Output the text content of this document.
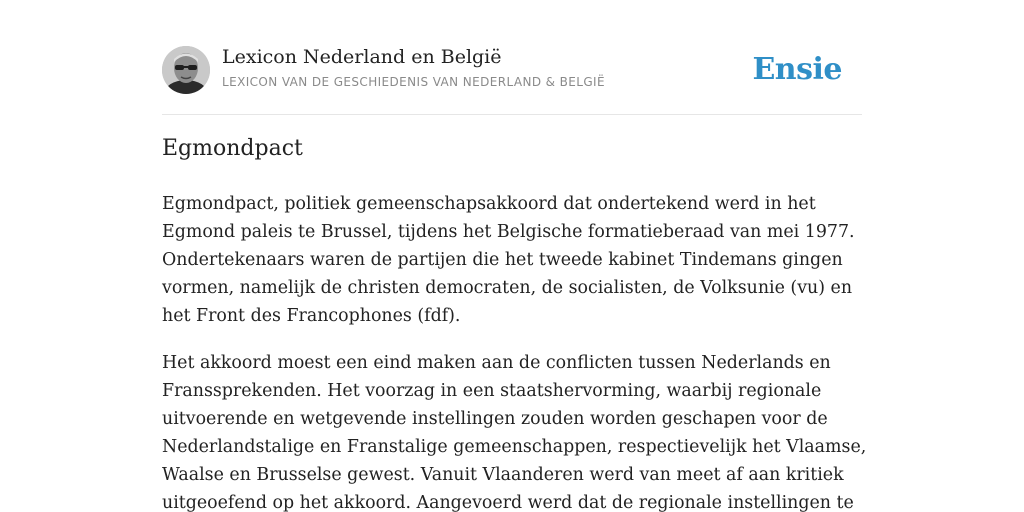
Lexicon Nederland en België
LEXICON VAN DE GESCHIEDENIS VAN NEDERLAND & BELGIË	Ensie
Egmondpact

Egmondpact, politiek gemeenschapsakkoord dat ondertekend werd in het
Egmond paleis te Brussel, tijdens het Belgische formatieberaad van mei 1977.
Ondertekenaars waren de partijen die het tweede kabinet Tindemans gingen
vormen, namelijk de christen democraten, de socialisten, de Volksunie (vu) en
het Front des Francophones (fdf).

Het akkoord moest een eind maken aan de conflicten tussen Nederlands en
Franssprekenden. Het voorzag in een staatshervorming, waarbij regionale
uitvoerende en wetgevende instellingen zouden worden geschapen voor de
Nederlandstalige en Franstalige gemeenschappen, respectievelijk het Vlaamse,
Waalse en Brusselse gewest. Vanuit Vlaanderen werd van meet af aan kritiek
uitgeoefend op het akkoord. Aangevoerd werd dat de regionale instellingen te
